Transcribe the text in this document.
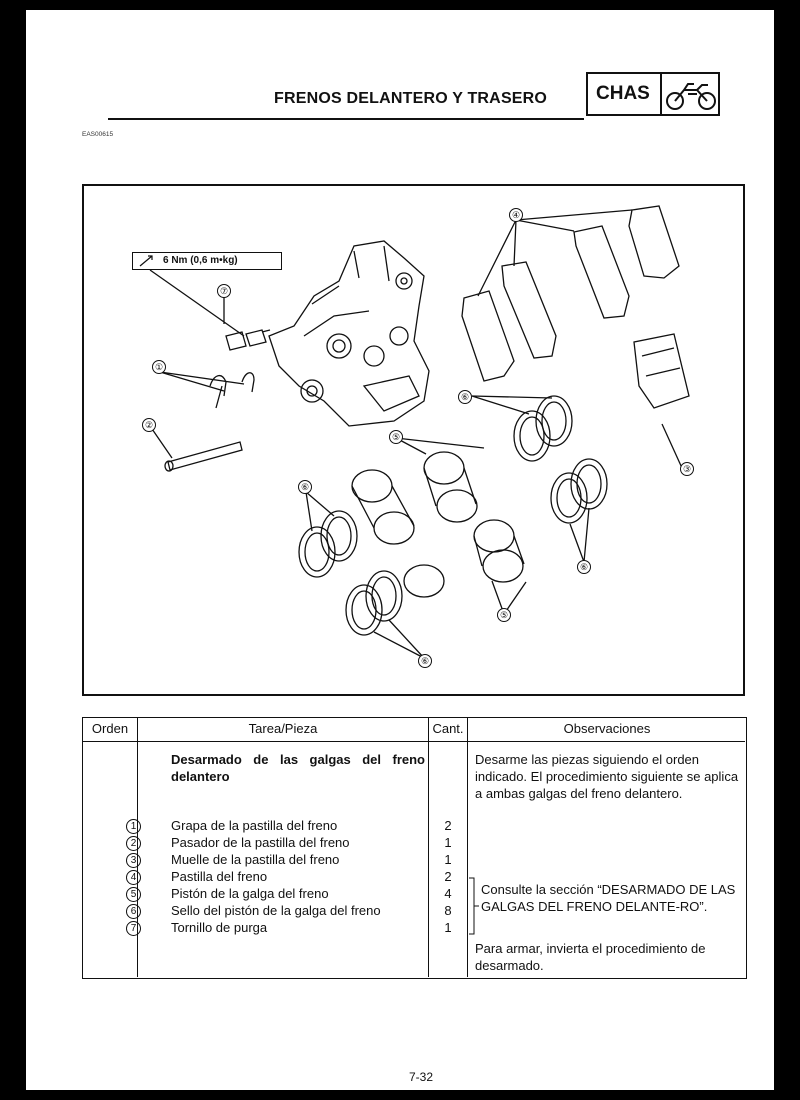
FRENOS DELANTERO Y TRASERO	CHAS
EAS00615
6 Nm (0,6 m•kg)
⑦
①
②
④
⑥
⑤
⑥
③
⑥
⑤
⑥
Orden	Tarea/Pieza	Cant.	Observaciones
Desarmado de las galgas del freno delantero
Desarme las piezas siguiendo el orden indicado. El procedimiento siguiente se aplica a ambas galgas del freno delantero.
1	Grapa de la pastilla del freno	2
2	Pasador de la pastilla del freno	1
3	Muelle de la pastilla del freno	1
4	Pastilla del freno	2
5	Pistón de la galga del freno	4
6	Sello del pistón de la galga del freno	8
7	Tornillo de purga	1
Consulte la sección “DESARMADO DE LAS GALGAS DEL FRENO DELANTE-RO”.
Para armar, invierta el procedimiento de desarmado.
7-32
